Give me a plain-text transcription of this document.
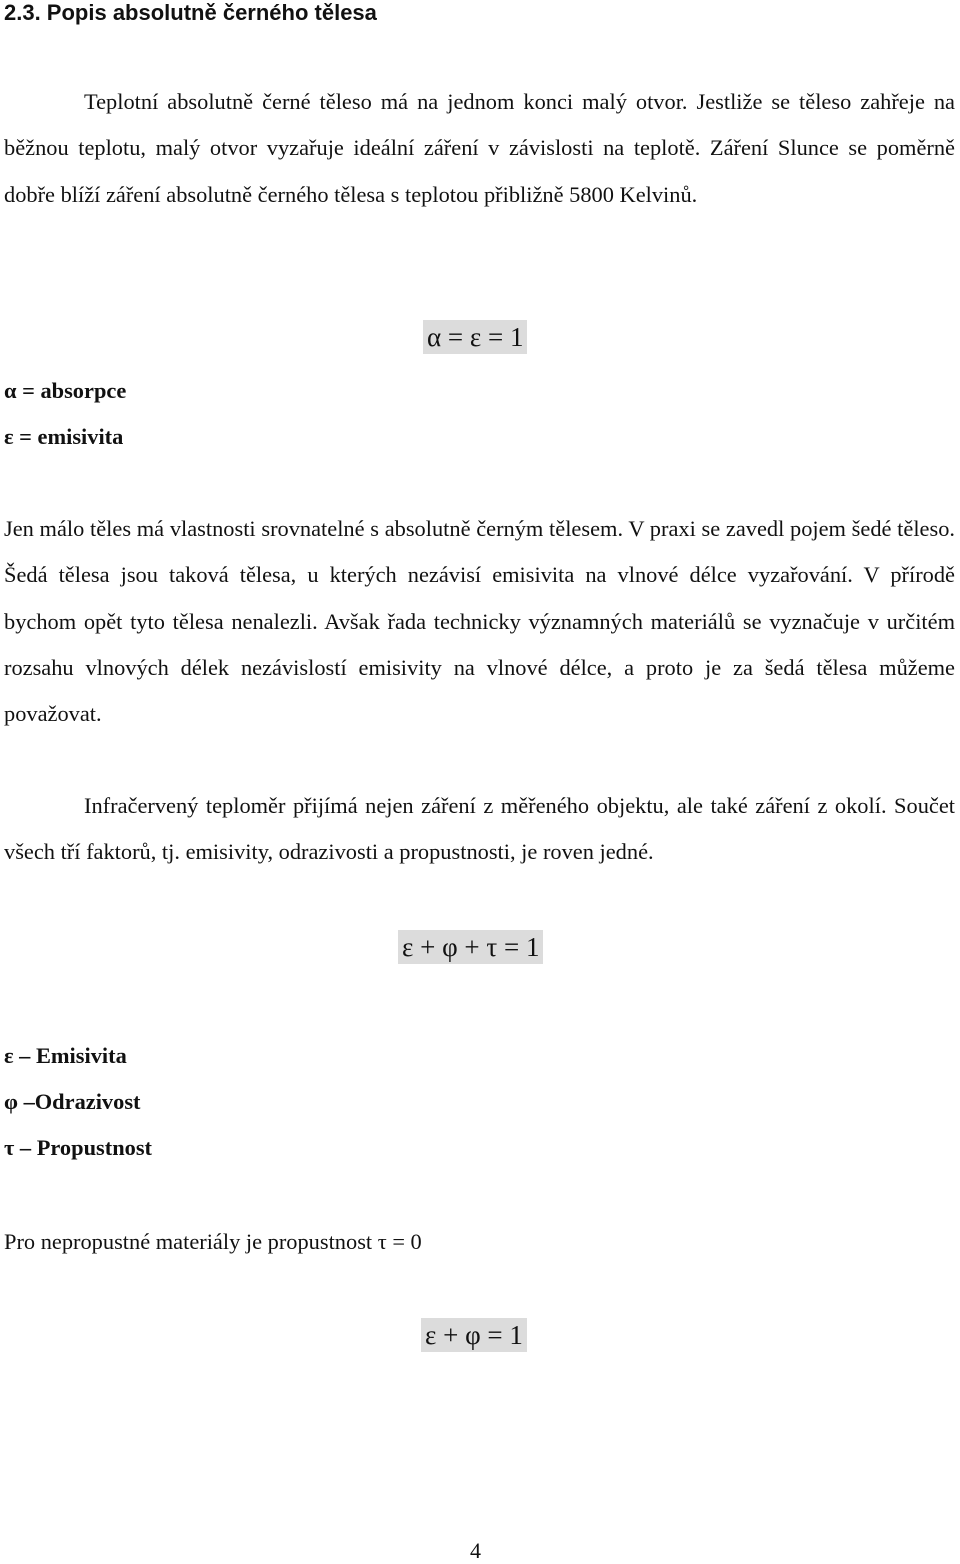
2.3. Popis absolutně černého tělesa
Teplotní absolutně černé těleso má na jednom konci malý otvor. Jestliže se těleso zahřeje na běžnou teplotu, malý otvor vyzařuje ideální záření v závislosti na teplotě. Záření Slunce se poměrně dobře blíží záření absolutně černého tělesa s teplotou přibližně 5800 Kelvinů.
α = ε = 1
α = absorpce
ε = emisivita
Jen málo těles má vlastnosti srovnatelné s absolutně černým tělesem. V praxi se zavedl pojem šedé těleso. Šedá tělesa jsou taková tělesa, u kterých nezávisí emisivita na vlnové délce vyzařování. V přírodě bychom opět tyto tělesa nenalezli. Avšak řada technicky významných materiálů se vyznačuje v určitém rozsahu vlnových délek nezávislostí emisivity na vlnové délce, a proto je za šedá tělesa můžeme považovat.
Infračervený teploměr přijímá nejen záření z měřeného objektu, ale také záření z okolí. Součet všech tří faktorů, tj. emisivity, odrazivosti a propustnosti, je roven jedné.
ε + φ + τ = 1
ε – Emisivita
φ –Odrazivost
τ – Propustnost
Pro nepropustné materiály je propustnost τ = 0
ε + φ = 1
4
